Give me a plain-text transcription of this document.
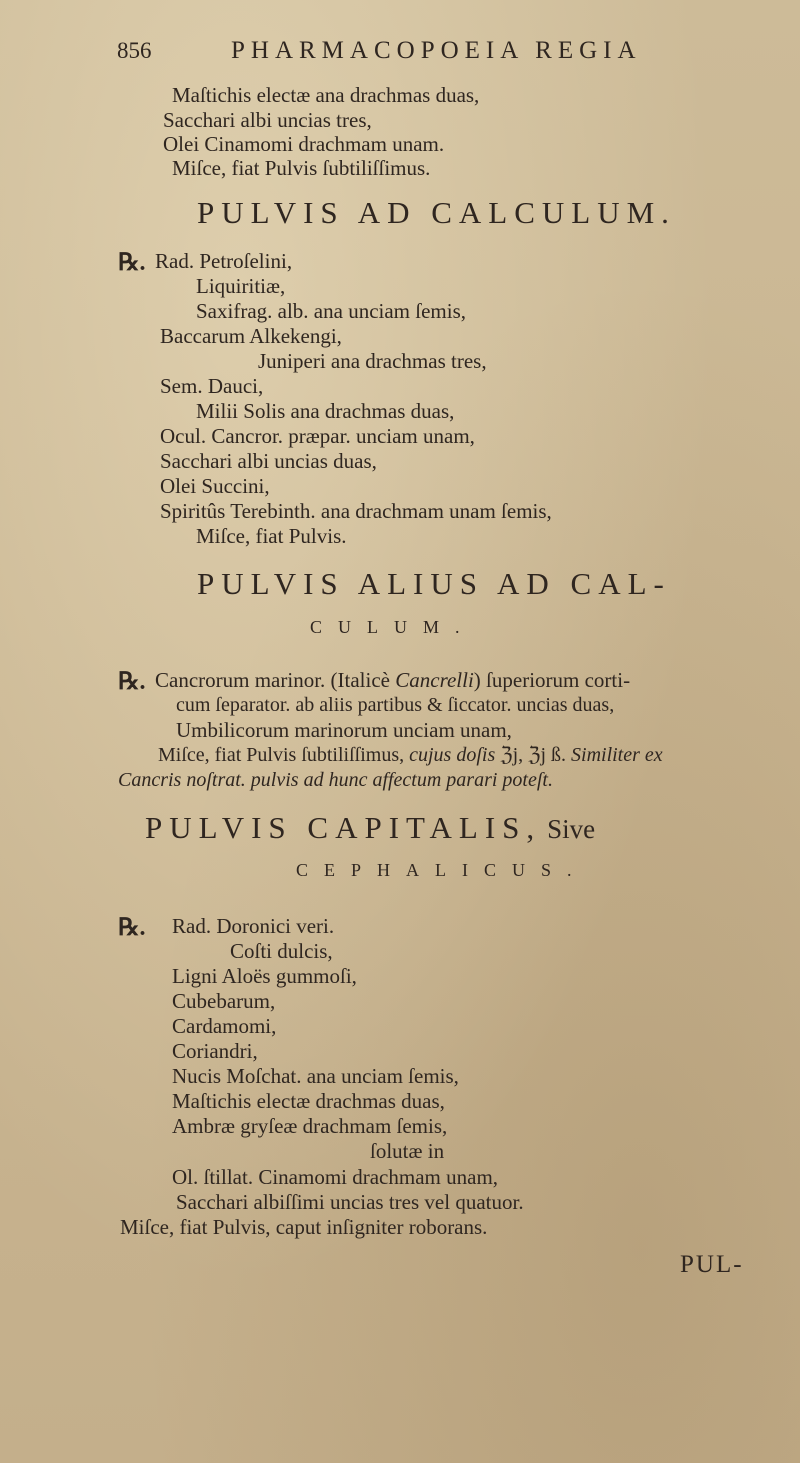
856	PHARMACOPOEIA REGIA
Maſtichis electæ ana drachmas duas,
Sacchari albi uncias tres,
Olei Cinamomi drachmam unam.
Miſce, fiat Pulvis ſubtiliſſimus.
PULVIS AD CALCULUM.
℞. Rad. Petroſelini,
Liquiritiæ,
Saxifrag. alb. ana unciam ſemis,
Baccarum Alkekengi,
Juniperi ana drachmas tres,
Sem. Dauci,
Milii Solis ana drachmas duas,
Ocul. Cancror. præpar. unciam unam,
Sacchari albi uncias duas,
Olei Succini,
Spiritûs Terebinth. ana drachmam unam ſemis,
Miſce, fiat Pulvis.
PULVIS ALIUS AD CAL-
CULUM.
℞. Cancrorum marinor. (Italicè Cancrelli) ſuperiorum corti-
cum ſeparator. ab aliis partibus & ſiccator. uncias duas,
Umbilicorum marinorum unciam unam,
Miſce, fiat Pulvis ſubtiliſſimus, cujus doſis ℨj, ℨj ß. Similiter ex
Cancris noſtrat. pulvis ad hunc affectum parari poteſt.
PULVIS CAPITALIS, Sive
CEPHALICUS.
℞. Rad. Doronici veri.
Coſti dulcis,
Ligni Aloës gummoſi,
Cubebarum,
Cardamomi,
Coriandri,
Nucis Moſchat. ana unciam ſemis,
Maſtichis electæ drachmas duas,
Ambræ gryſeæ drachmam ſemis,
ſolutæ in
Ol. ſtillat. Cinamomi drachmam unam,
Sacchari albiſſimi uncias tres vel quatuor.
Miſce, fiat Pulvis, caput inſigniter roborans.
PUL-
